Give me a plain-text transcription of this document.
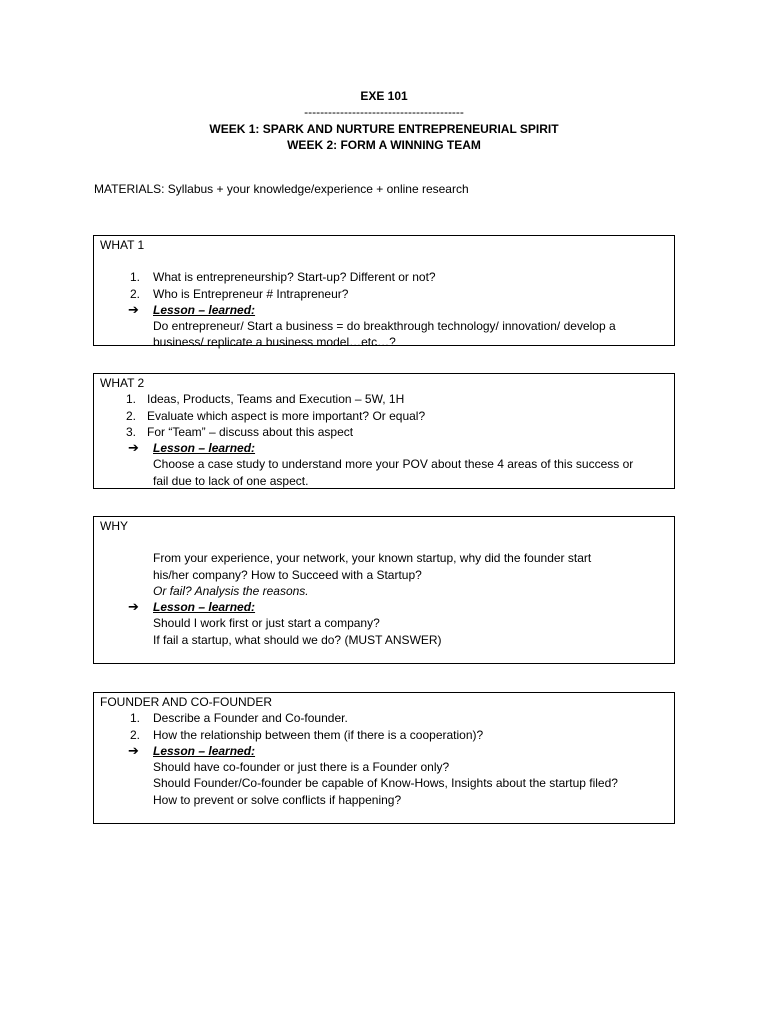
EXE 101
----------------------------------------
WEEK 1: SPARK AND NURTURE ENTREPRENEURIAL SPIRIT
WEEK 2: FORM A WINNING TEAM
MATERIALS: Syllabus + your knowledge/experience + online research
WHAT 1
1.	What is entrepreneurship? Start-up? Different or not?
2.	Who is Entrepreneur # Intrapreneur?
➔ Lesson – learned:
Do entrepreneur/ Start a business = do breakthrough technology/ innovation/ develop a
business/ replicate a business model…etc…?
WHAT 2
1. Ideas, Products, Teams and Execution – 5W, 1H
2. Evaluate which aspect is more important? Or equal?
3. For “Team” – discuss about this aspect
➔ Lesson – learned:
Choose a case study to understand more your POV about these 4 areas of this success or
fail due to lack of one aspect.
WHY
From your experience, your network, your known startup, why did the founder start
his/her company? How to Succeed with a Startup?
Or fail? Analysis the reasons.
➔ Lesson – learned:
Should I work first or just start a company?
If fail a startup, what should we do? (MUST ANSWER)
FOUNDER AND CO-FOUNDER
1.	Describe a Founder and Co-founder.
2.	How the relationship between them (if there is a cooperation)?
➔ Lesson – learned:
Should have co-founder or just there is a Founder only?
Should Founder/Co-founder be capable of Know-Hows, Insights about the startup filed?
How to prevent or solve conflicts if happening?
